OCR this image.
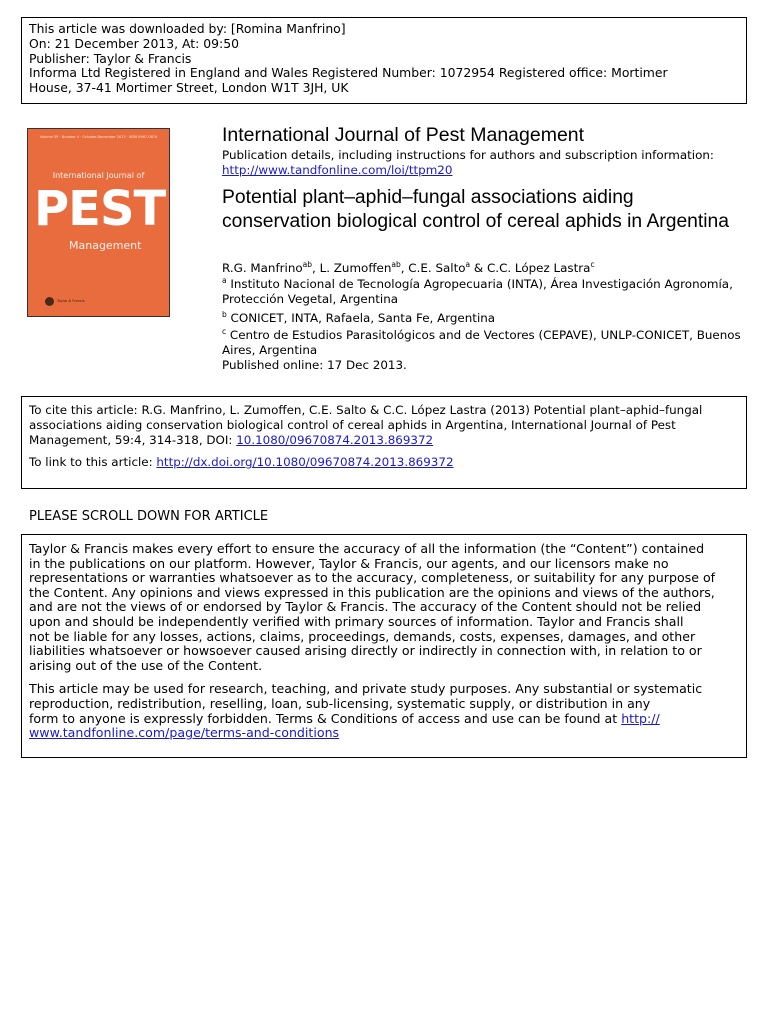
This article was downloaded by: [Romina Manfrino]
On: 21 December 2013, At: 09:50
Publisher: Taylor & Francis
Informa Ltd Registered in England and Wales Registered Number: 1072954 Registered office: Mortimer
House, 37-41 Mortimer Street, London W1T 3JH, UK
Volume 59 · Number 4 · October-December 2013 · ISSN 0967-0874
International Journal of
PEST
Management
Taylor & Francis
International Journal of Pest Management
Publication details, including instructions for authors and subscription information:
http://www.tandfonline.com/loi/ttpm20
Potential plant–aphid–fungal associations aiding conservation biological control of cereal aphids in Argentina
R.G. Manfrino$^{ab}$, L. Zumoffen$^{ab}$, C.E. Salto$^a$ & C.C. López Lastra$^c$
$^a$ Instituto Nacional de Tecnología Agropecuaria (INTA), Área Investigación Agronomía,
Protección Vegetal, Argentina
$^b$ CONICET, INTA, Rafaela, Santa Fe, Argentina
$^c$ Centro de Estudios Parasitológicos and de Vectores (CEPAVE), UNLP-CONICET, Buenos
Aires, Argentina
Published online: 17 Dec 2013.
To cite this article: R.G. Manfrino, L. Zumoffen, C.E. Salto & C.C. López Lastra (2013) Potential plant–aphid–fungal
associations aiding conservation biological control of cereal aphids in Argentina, International Journal of Pest
Management, 59:4, 314-318, DOI: 10.1080/09670874.2013.869372
To link to this article: http://dx.doi.org/10.1080/09670874.2013.869372
PLEASE SCROLL DOWN FOR ARTICLE
Taylor & Francis makes every effort to ensure the accuracy of all the information (the “Content”) contained
in the publications on our platform. However, Taylor & Francis, our agents, and our licensors make no
representations or warranties whatsoever as to the accuracy, completeness, or suitability for any purpose of
the Content. Any opinions and views expressed in this publication are the opinions and views of the authors,
and are not the views of or endorsed by Taylor & Francis. The accuracy of the Content should not be relied
upon and should be independently verified with primary sources of information. Taylor and Francis shall
not be liable for any losses, actions, claims, proceedings, demands, costs, expenses, damages, and other
liabilities whatsoever or howsoever caused arising directly or indirectly in connection with, in relation to or
arising out of the use of the Content.
This article may be used for research, teaching, and private study purposes. Any substantial or systematic
reproduction, redistribution, reselling, loan, sub-licensing, systematic supply, or distribution in any
form to anyone is expressly forbidden. Terms & Conditions of access and use can be found at http://
www.tandfonline.com/page/terms-and-conditions
